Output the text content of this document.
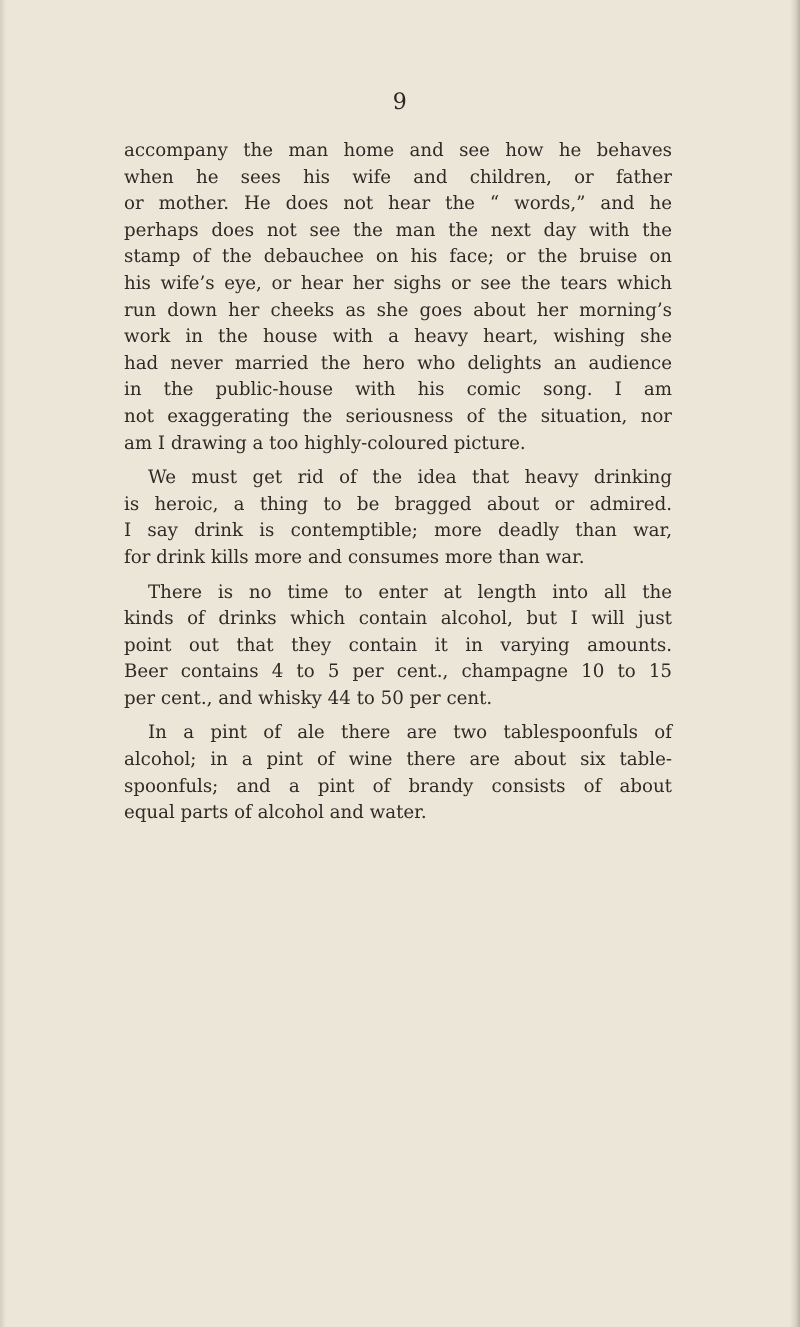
9

accompany the man home and see how he behaves
when he sees his wife and children, or father
or mother. He does not hear the “ words,” and he
perhaps does not see the man the next day with the
stamp of the debauchee on his face; or the bruise on
his wife’s eye, or hear her sighs or see the tears which
run down her cheeks as she goes about her morning’s
work in the house with a heavy heart, wishing she
had never married the hero who delights an audience
in the public-house with his comic song. I am
not exaggerating the seriousness of the situation, nor
am I drawing a too highly-coloured picture.

We must get rid of the idea that heavy drinking
is heroic, a thing to be bragged about or admired.
I say drink is contemptible; more deadly than war,
for drink kills more and consumes more than war.

There is no time to enter at length into all the
kinds of drinks which contain alcohol, but I will just
point out that they contain it in varying amounts.
Beer contains 4 to 5 per cent., champagne 10 to 15
per cent., and whisky 44 to 50 per cent.

In a pint of ale there are two tablespoonfuls of
alcohol; in a pint of wine there are about six table-
spoonfuls; and a pint of brandy consists of about
equal parts of alcohol and water.
